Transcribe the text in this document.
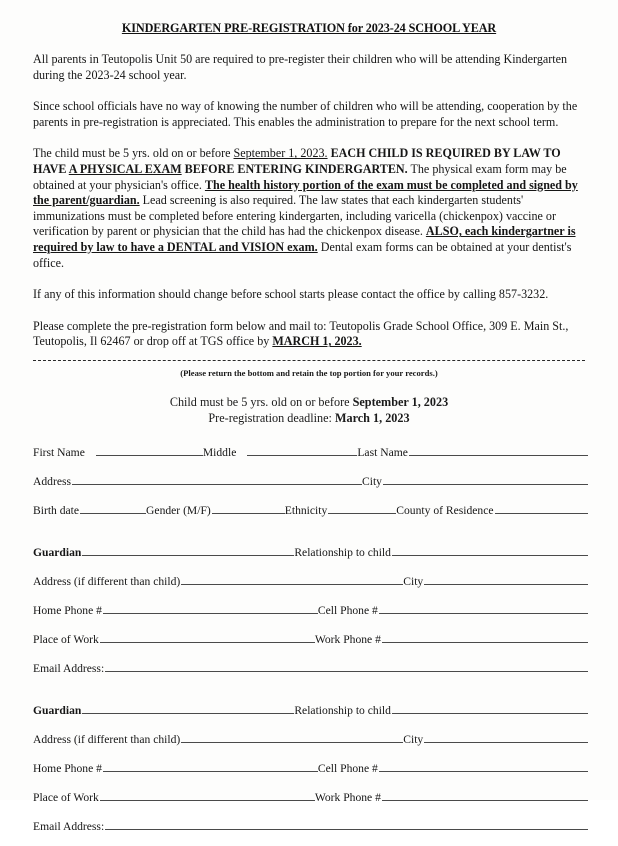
KINDERGARTEN PRE-REGISTRATION for 2023-24 SCHOOL YEAR

All parents in Teutopolis Unit 50 are required to pre-register their children who will be attending Kindergarten during the 2023-24 school year.

Since school officials have no way of knowing the number of children who will be attending, cooperation by the parents in pre-registration is appreciated. This enables the administration to prepare for the next school term.

The child must be 5 yrs. old on or before September 1, 2023. EACH CHILD IS REQUIRED BY LAW TO HAVE A PHYSICAL EXAM BEFORE ENTERING KINDERGARTEN. The physical exam form may be obtained at your physician's office. The health history portion of the exam must be completed and signed by the parent/guardian. Lead screening is also required. The law states that each kindergarten students' immunizations must be completed before entering kindergarten, including varicella (chickenpox) vaccine or verification by parent or physician that the child has had the chickenpox disease. ALSO, each kindergartner is required by law to have a DENTAL and VISION exam. Dental exam forms can be obtained at your dentist's office.

If any of this information should change before school starts please contact the office by calling 857-3232.

Please complete the pre-registration form below and mail to: Teutopolis Grade School Office, 309 E. Main St., Teutopolis, Il 62467 or drop off at TGS office by MARCH 1, 2023.

(Please return the bottom and retain the top portion for your records.)
Child must be 5 yrs. old on or before September 1, 2023
Pre-registration deadline: March 1, 2023
First Name	Middle	Last Name
Address	City
Birth date	Gender (M/F)	Ethnicity	County of Residence
Guardian	Relationship to child
Address (if different than child)	City
Home Phone #	Cell Phone #
Place of Work	Work Phone #
Email Address:
Guardian	Relationship to child
Address (if different than child)	City
Home Phone #	Cell Phone #
Place of Work	Work Phone #
Email Address:
